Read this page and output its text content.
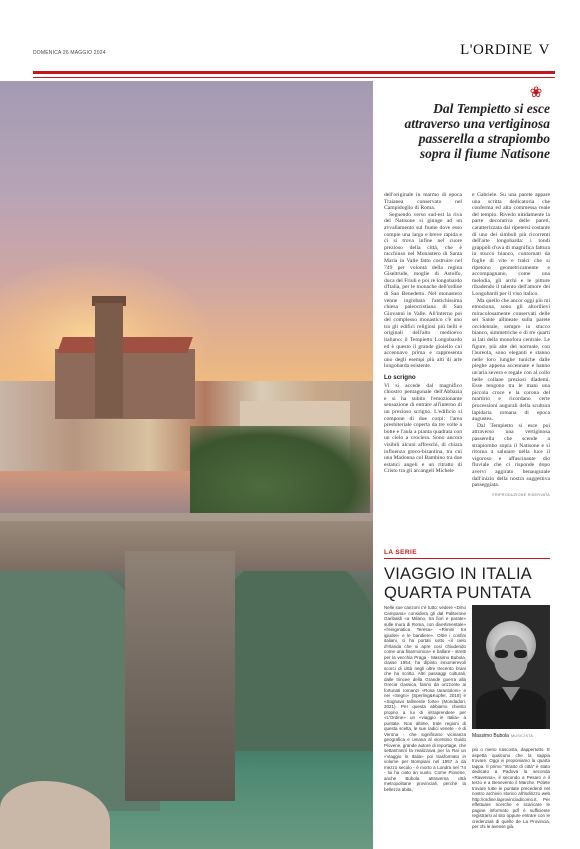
DOMENICA 26 MAGGIO 2024	L'ORDINE V
❀
Dal Tempietto si esce attraverso una vertiginosa passerella a strapiombo sopra il fiume Natisone

dell'originale in marmo di epoca Traianea conservato nel Campidoglio di Roma.

Seguendo verso sud-est la riva del Natisone si giunge ad un avvallamento sul fiume dove esso compie una larga e breve rapida e ci si trova infine nel cuore prezioso della città, che è racchiuso nel Monastero di Santa Maria in Valle fatto costruire nel 749 per volontà della regina Giseltrude, moglie di Astolfo, duca del Friuli e poi re longobardo d'Italia, per le monache dell'ordine di San Benedetto. Nel monastero venne inglobata l'antichissima chiesa paleocristiana di San Giovanni in Valle. All'interno poi del complesso monastico c'è uno tra gli edifici religiosi più belli e originali dell'alto medioevo italiano: il Tempietto Longobardo ed è questo il grande gioiello cui accennavo prima e rappresenta uno degli esempi più alti di arte longobarda esistente.

Lo scrigno

Vi si accede dal magnifico chiostro pentagonale dell'Abbazia e si ha subito l'emozionante sensazione di entrare all'interno di un prezioso scrigno. L'edificio si compone di due corpi: l'area presbiteriale coperta da tre volte a botte e l'aula a pianta quadrata con un cielo a crociera. Sono ancora visibili alcuni affreschi, di chiara influenza greco-bizantina, tra cui una Madonna col Bambino tra due estatici angeli e un ritratto di Cristo tra gli arcangeli Michele

e Gabriele. Su una parete appare una scritta dedicatoria che conferma ed alta commessa reale del tempio. Rivedo nitidamente la parte decorativa delle pareti, caratterizzata dal ripetersi costante di uno dei simboli più ricorrenti dell'arte longobarda: i tondi grappoli d'uva di magnifica fattura in stucco bianco, contornati da foglie di vite e tralci che si ripetono geometricamente e accompagnano, come una melodia, gli archi e le pitture ribadendo il talento dell'amore dei Longobardi per il viso italico.

Ma quello che ancor oggi più mi emoziona, sono gli altorilievi miracolosamente conservati delle sei Sante allineate sulla parete occidentale, sempre in stucco bianco, simmetriche e di tre quarti ai lati della monofora centrale. Le figure, più alte del normale, con l'aureola, sono eleganti e stanno nelle loro lunghe tuniche dalle pieghe appena accennate e hanno un'aria severa e regale con al collo belle collane preziosi diademi. Esse tengono tra le mani una piccola croce e la corona del martirio e ricordano certe processioni augurali della scultura lapidaria romana di epoca augustea.

Dal Tempietto si esce poi attraverso una vertiginosa passerella che scende a strapiombo sopra il Natisone e si ritorna a salutare nella luce il vigoroso e affascinante dio fluviale che ci risponde dopo avervi aggirato benaugurale dall'inizio della nostra suggestiva passeggiata.

©RIPRODUZIONE RISERVATA
LA SERIE
VIAGGIO IN ITALIA QUARTA PUNTATA
Nelle sue canzoni c'è tutto: vedere «Dino Campana» considera gli dal Paliterone Garibaldi «a Milano, tra fiori e parate» sulle mura di Roma, con divertimentale» «l'enigmatica Teresa» «Rimini tra igiudei» e le bandiere». Oltre i confini italiani, ci ha portati sotto «il cielo d'Irlanda che si apre così chiudendo come una fisarmonica» e ballare - stretti per la vecchia Praga - Massimo Bubola, classe 1954, ha dipinto innumerevoli scorci di città negli oltre trecento brani che ha scritto. Altri passaggi culturali, dalle trincee della Grande guerra alla Grecia classica, fanno da orizzonte ai fortunati romanzi «Rosa tarantoloni» e nei «Segni» (Sperling&Kupfer, 2018) e «Sognavo tallmente forte» (Mondadori, 2021). Per questa abbiamo chiesto proprio a lui di intraprendere per «L'Ordine» un «viaggio in Italia» a puntate. Non altime, trale regioni di questa scelta, le sue radici venete - è di Verona - che significano vicinanza geografica e umana al vicentino Guido Piovene, grande autore di reportage, che settant'anni fa realizzava per la Rai un «Viaggio in Italia» poi trasformato in volume per Bompiani nel 1957 a da mezzo secolo - è morto a Londra nel '74 - lui ha ciato an vuoto. Come Piovene, anche Bubola attraversa città metropolitane provinciali, perché la bellezza abita,
Massimo Bubola MUSICISTA
più o meno nascosta, dappertutto. E aspetta qualcuno che la sappia trovare. Oggi vi proponiamo la quarta tappa. Il primo "ritratto di città" è stato dedicato a Padova la seconda «Ravenna», il secondo a Pesaro e il terzo e a Benevento il Marche. Potete trovare tutte le puntate precedenti nel nostro archivio storico all'indirizzo web http://ordine.laprovinciadicomo.it. Per effettuare ricerche e scaricare le pagine informato pdf è sufficiente registrarsi al sito oppure entrare con le credenziali di quello de La Provincia, per chi le avesse già.
